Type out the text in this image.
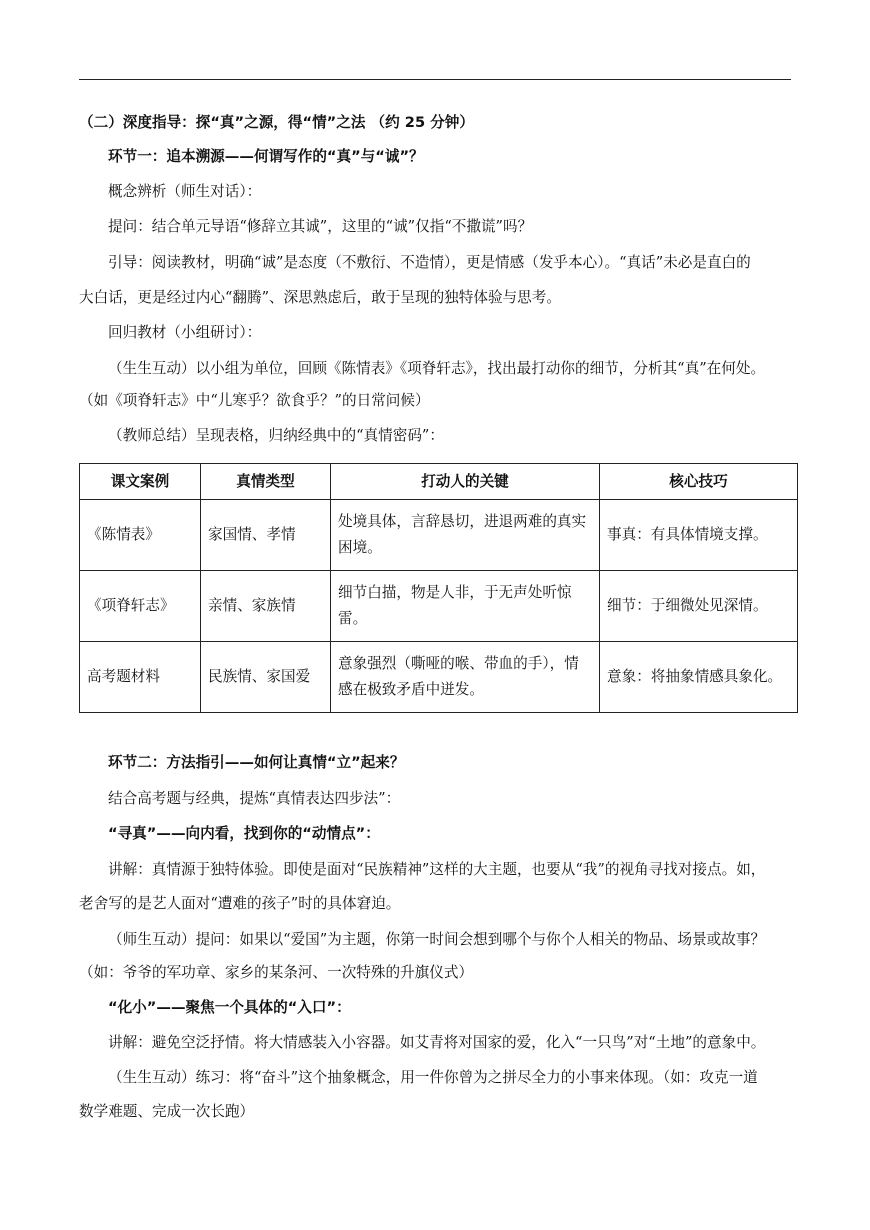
（二）深度指导：探“真”之源，得“情”之法 （约 25 分钟）
环节一：追本溯源——何谓写作的“真”与“诚”？
概念辨析（师生对话）：
提问：结合单元导语“修辞立其诚”，这里的“诚”仅指“不撒谎”吗？
引导：阅读教材，明确“诚”是态度（不敷衍、不造情），更是情感（发乎本心）。“真话”未必是直白的
大白话，更是经过内心“翻腾”、深思熟虑后，敢于呈现的独特体验与思考。
回归教材（小组研讨）：
（生生互动）以小组为单位，回顾《陈情表》《项脊轩志》，找出最打动你的细节，分析其“真”在何处。
（如《项脊轩志》中“儿寒乎？欲食乎？”的日常问候）
（教师总结）呈现表格，归纳经典中的“真情密码”：
课文案例	真情类型	打动人的关键	核心技巧
《陈情表》	家国情、孝情	处境具体，言辞恳切，进退两难的真实困境。	事真：有具体情境支撑。
《项脊轩志》	亲情、家族情	细节白描，物是人非，于无声处听惊雷。	细节：于细微处见深情。
高考题材料	民族情、家国爱	意象强烈（嘶哑的喉、带血的手），情感在极致矛盾中迸发。	意象：将抽象情感具象化。
环节二：方法指引——如何让真情“立”起来？
结合高考题与经典，提炼“真情表达四步法”：
“寻真”——向内看，找到你的“动情点”：
讲解：真情源于独特体验。即使是面对“民族精神”这样的大主题，也要从“我”的视角寻找对接点。如，
老舍写的是艺人面对“遭难的孩子”时的具体窘迫。
（师生互动）提问：如果以“爱国”为主题，你第一时间会想到哪个与你个人相关的物品、场景或故事？
（如：爷爷的军功章、家乡的某条河、一次特殊的升旗仪式）
“化小”——聚焦一个具体的“入口”：
讲解：避免空泛抒情。将大情感装入小容器。如艾青将对国家的爱，化入“一只鸟”对“土地”的意象中。
（生生互动）练习：将“奋斗”这个抽象概念，用一件你曾为之拼尽全力的小事来体现。（如：攻克一道
数学难题、完成一次长跑）
